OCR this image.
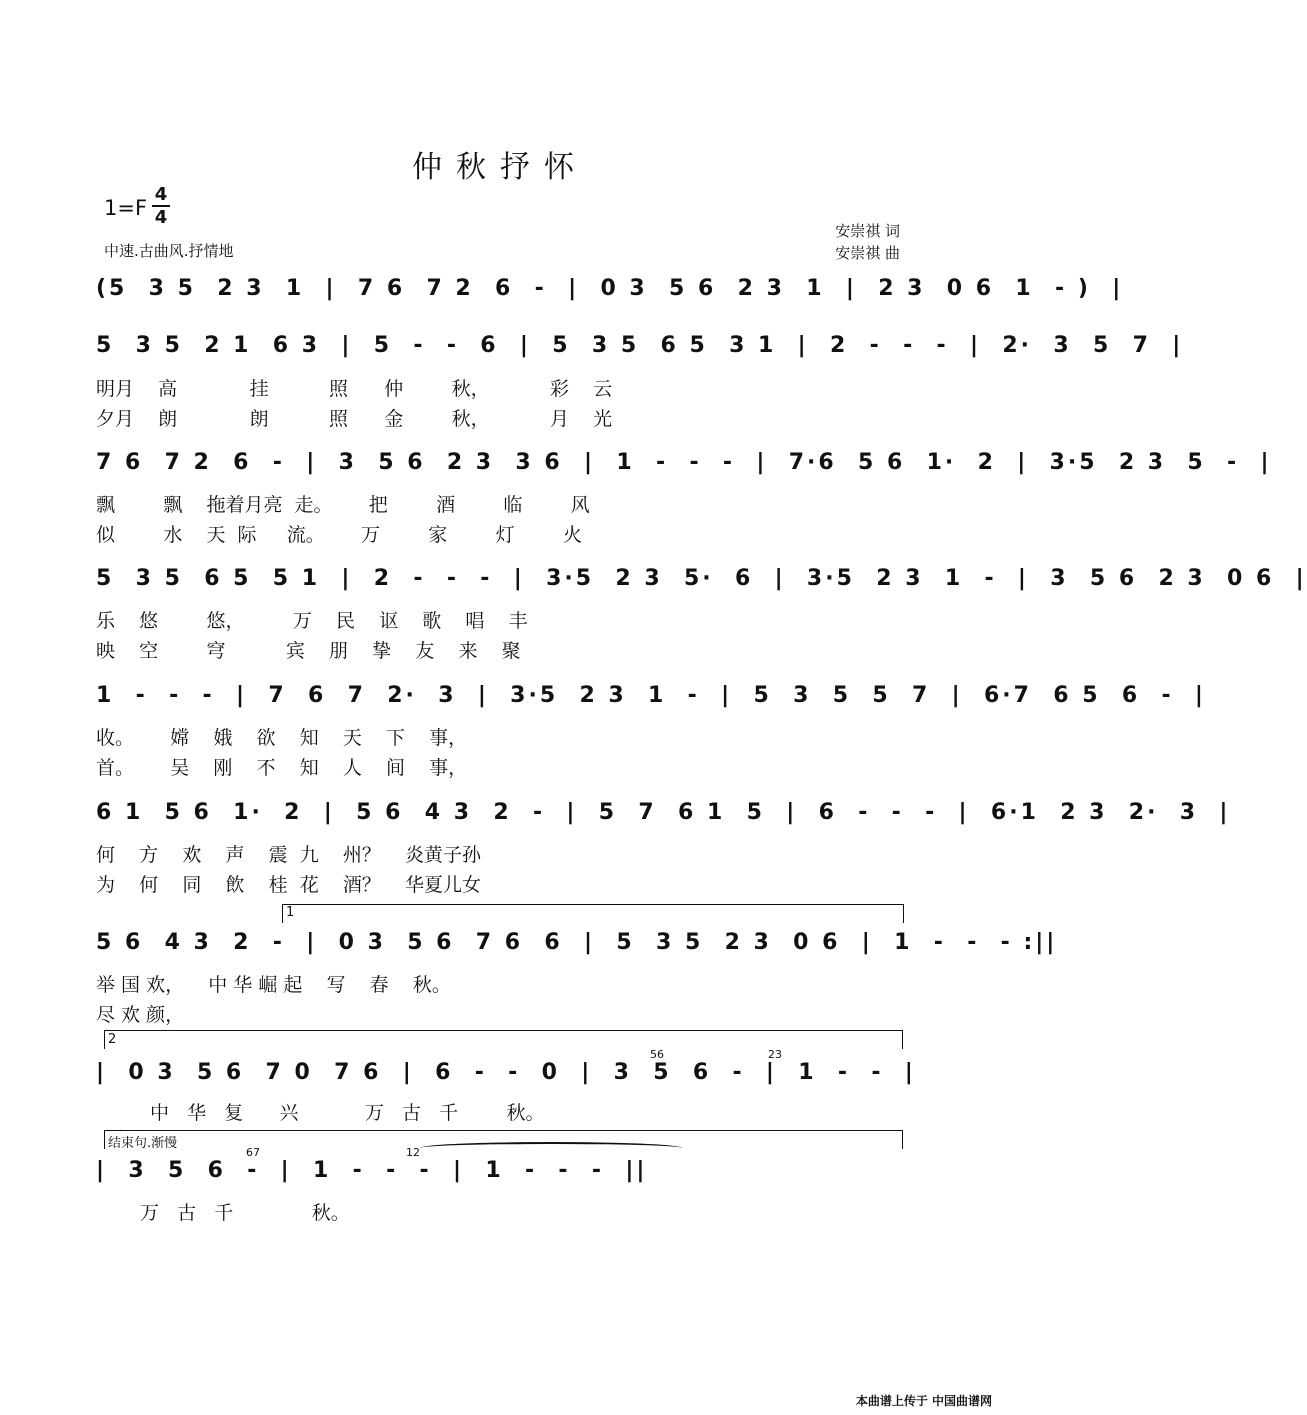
仲秋抒怀
1=F
4
4
中速.古曲风.抒情地
安崇祺 词
安崇祺 曲
(5  3 5  2 3  1  |  7 6  7 2  6  -  |  0 3  5 6  2 3  1  |  2 3  0 6  1  - )  |
5  3 5  2 1  6 3  |  5  -  -  6  |  5  3 5  6 5  3 1  |  2  -  -  -  |  2·  3  5  7  |
明月    高            挂          照      仲        秋，          彩    云
夕月    朗            朗          照      金        秋，          月    光
7 6  7 2  6  -  |  3  5 6  2 3  3 6  |  1  -  -  -  |  7·6  5 6  1·  2  |  3·5  2 3  5  -  |
飘        飘    拖着月亮  走。      把        酒        临        风
似        水    天  际     流。      万        家        灯        火
5  3 5  6 5  5 1  |  2  -  -  -  |  3·5  2 3  5·  6  |  3·5  2 3  1  -  |  3  5 6  2 3  0 6  |
乐    悠        悠，        万    民    讴    歌    唱    丰
映    空        穹          宾    朋    挚    友    来    聚
1  -  -  -  |  7  6  7  2·  3  |  3·5  2 3  1  -  |  5  3  5  5  7  |  6·7  6 5  6  -  |
收。      嫦    娥    欲    知    天    下    事，
首。      吴    刚    不    知    人    间    事，
6 1  5 6  1·  2  |  5 6  4 3  2  -  |  5  7  6 1  5  |  6  -  -  -  |  6·1  2 3  2·  3  |
何    方    欢    声    震  九    州？    炎黄子孙
为    何    同    飲    桂  花    酒？    华夏儿女
1
5 6  4 3  2  -  |  0 3  5 6  7 6  6  |  5  3 5  2 3  0 6  |  1  -  -  - :||
举 国 欢，    中 华 崛 起    写    春    秋。
尽 欢 颜，
2
56	23
|  0 3  5 6  7 0  7 6  |  6  -  -  0  |  3  5  6  -  |  1  -  -  |
中   华   复      兴           万   古   千        秋。
结束句.渐慢
67	12
|  3  5  6  -  |  1  -  -  -  |  1  -  -  -  ||
万   古   千             秋。
本曲谱上传于 中国曲谱网
